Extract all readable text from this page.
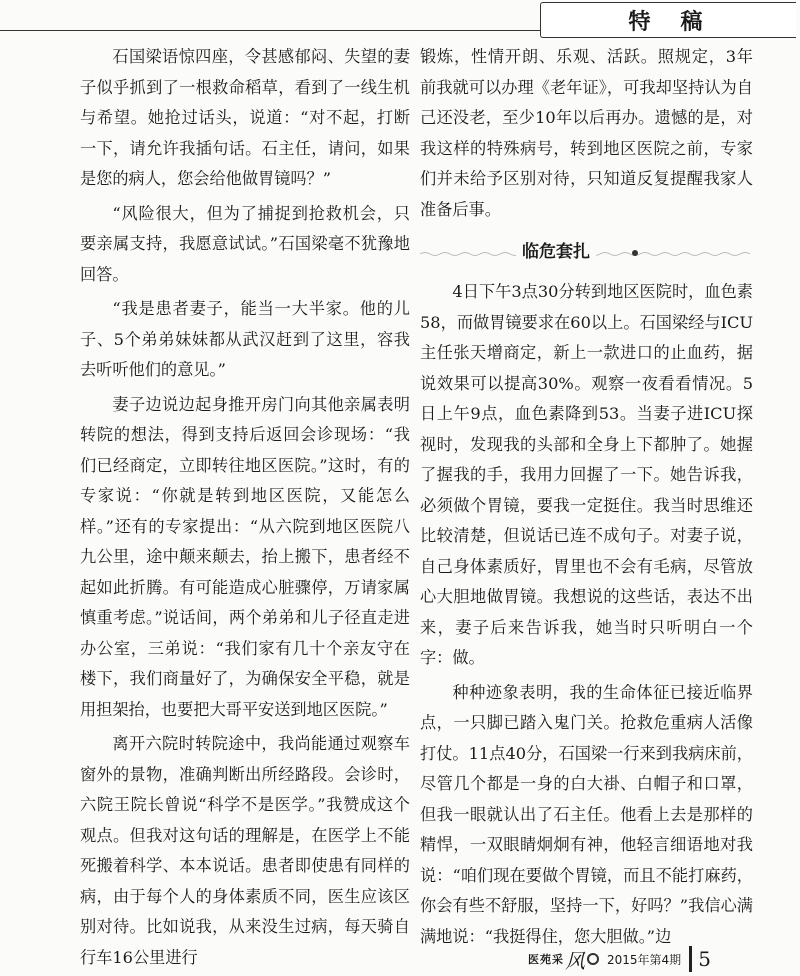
特稿

石国梁语惊四座，令甚感郁闷、失望的妻子似乎抓到了一根救命稻草，看到了一线生机与希望。她抢过话头，说道：“对不起，打断一下，请允许我插句话。石主任，请问，如果是您的病人，您会给他做胃镜吗？”

“风险很大，但为了捕捉到抢救机会，只要亲属支持，我愿意试试。”石国梁毫不犹豫地回答。

“我是患者妻子，能当一大半家。他的儿子、5个弟弟妹妹都从武汉赶到了这里，容我去听听他们的意见。”

妻子边说边起身推开房门向其他亲属表明转院的想法，得到支持后返回会诊现场：“我们已经商定，立即转往地区医院。”这时，有的专家说：“你就是转到地区医院，又能怎么样。”还有的专家提出：“从六院到地区医院八九公里，途中颠来颠去，抬上搬下，患者经不起如此折腾。有可能造成心脏骤停，万请家属慎重考虑。”说话间，两个弟弟和儿子径直走进办公室，三弟说：“我们家有几十个亲友守在楼下，我们商量好了，为确保安全平稳，就是用担架抬，也要把大哥平安送到地区医院。”

离开六院时转院途中，我尚能通过观察车窗外的景物，准确判断出所经路段。会诊时，六院王院长曾说“科学不是医学。”我赞成这个观点。但我对这句话的理解是，在医学上不能死搬着科学、本本说话。患者即使患有同样的病，由于每个人的身体素质不同，医生应该区别对待。比如说我，从来没生过病，每天骑自行车16公里进行

锻炼，性情开朗、乐观、活跃。照规定，3年前我就可以办理《老年证》，可我却坚持认为自己还没老，至少10年以后再办。遗憾的是，对我这样的特殊病号，转到地区医院之前，专家们并未给予区别对待，只知道反复提醒我家人准备后事。

临危套扎

4日下午3点30分转到地区医院时，血色素58，而做胃镜要求在60以上。石国梁经与ICU主任张天增商定，新上一款进口的止血药，据说效果可以提高30%。观察一夜看看情况。5日上午9点，血色素降到53。当妻子进ICU探视时，发现我的头部和全身上下都肿了。她握了握我的手，我用力回握了一下。她告诉我，必须做个胃镜，要我一定挺住。我当时思维还比较清楚，但说话已连不成句子。对妻子说，自己身体素质好，胃里也不会有毛病，尽管放心大胆地做胃镜。我想说的这些话，表达不出来，妻子后来告诉我，她当时只听明白一个字：做。

种种迹象表明，我的生命体征已接近临界点，一只脚已踏入鬼门关。抢救危重病人活像打仗。11点40分，石国梁一行来到我病床前，尽管几个都是一身的白大褂、白帽子和口罩，但我一眼就认出了石主任。他看上去是那样的精悍，一双眼睛炯炯有神，他轻言细语地对我说：“咱们现在要做个胃镜，而且不能打麻药，你会有些不舒服，坚持一下，好吗？”我信心满满地说：“我挺得住，您大胆做。”边

医苑采 风 2015年第4期 5
